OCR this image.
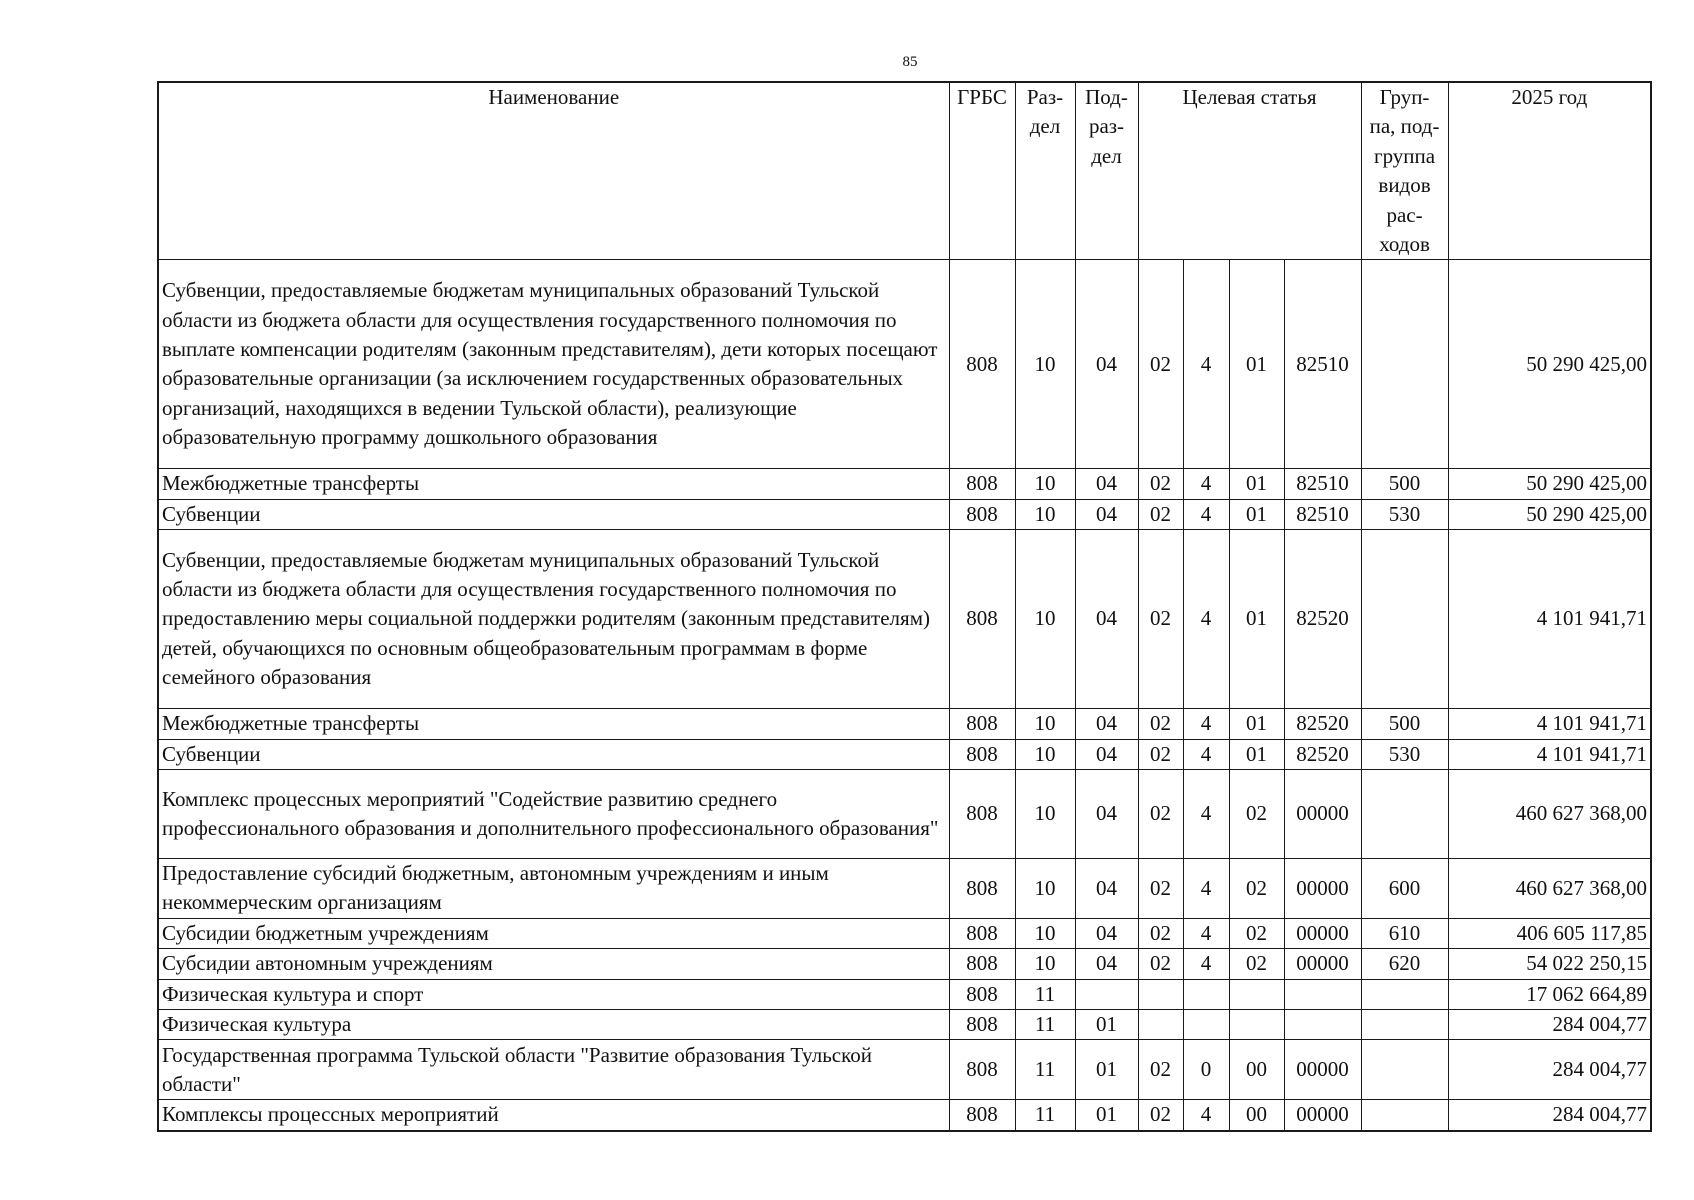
85
Наименование	ГРБС	Раз- дел	Под- раз- дел	Целевая статья				Груп- па, под- группа видов рас- ходов	2025 год
Субвенции, предоставляемые бюджетам муниципальных образований Тульской области из бюджета области для осуществления государственного полномочия по выплате компенсации родителям (законным представителям), дети которых посещают образовательные организации (за исключением государственных образовательных организаций, находящихся в ведении Тульской области), реализующие образовательную программу дошкольного образования	808	10	04	02	4	01	82510		50 290 425,00
Межбюджетные трансферты	808	10	04	02	4	01	82510	500	50 290 425,00
Субвенции	808	10	04	02	4	01	82510	530	50 290 425,00
Субвенции, предоставляемые бюджетам муниципальных образований Тульской области из бюджета области для осуществления государственного полномочия по предоставлению меры социальной поддержки родителям (законным представителям) детей, обучающихся по основным общеобразовательным программам в форме семейного образования	808	10	04	02	4	01	82520		4 101 941,71
Межбюджетные трансферты	808	10	04	02	4	01	82520	500	4 101 941,71
Субвенции	808	10	04	02	4	01	82520	530	4 101 941,71
Комплекс процессных мероприятий "Содействие развитию среднего профессионального образования и дополнительного профессионального образования"	808	10	04	02	4	02	00000		460 627 368,00
Предоставление субсидий бюджетным, автономным учреждениям и иным некоммерческим организациям	808	10	04	02	4	02	00000	600	460 627 368,00
Субсидии бюджетным учреждениям	808	10	04	02	4	02	00000	610	406 605 117,85
Субсидии автономным учреждениям	808	10	04	02	4	02	00000	620	54 022 250,15
Физическая культура и спорт	808	11							17 062 664,89
Физическая культура	808	11	01						284 004,77
Государственная программа Тульской области "Развитие образования Тульской области"	808	11	01	02	0	00	00000		284 004,77
Комплексы процессных мероприятий	808	11	01	02	4	00	00000		284 004,77
